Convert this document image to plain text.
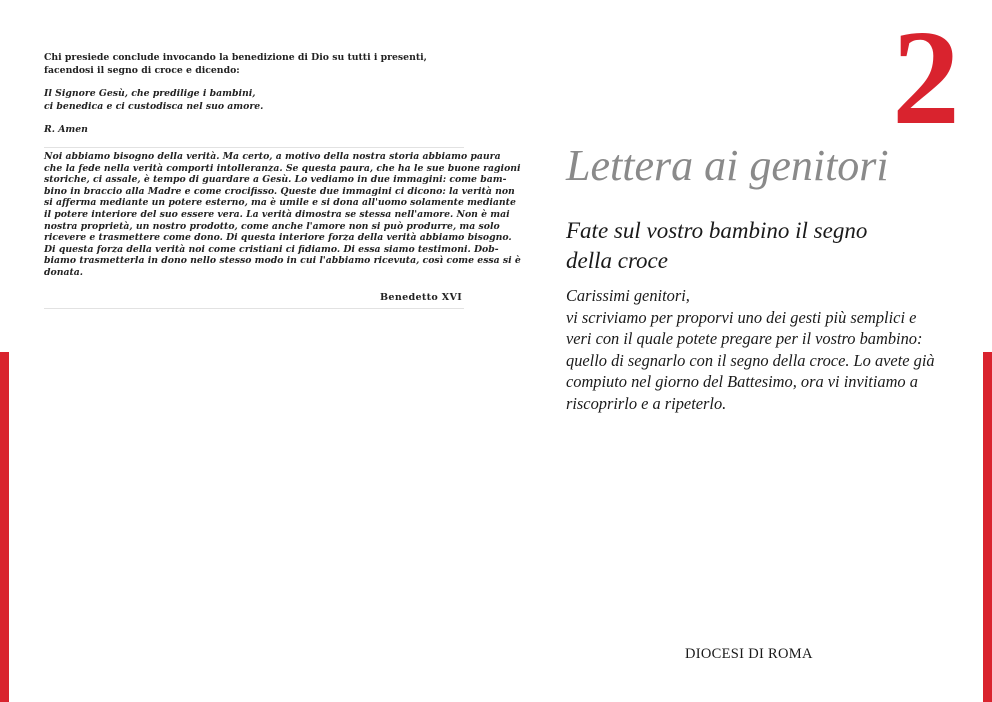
Chi presiede conclude invocando la benedizione di Dio su tutti i presenti, facendosi il segno di croce e dicendo:
Il Signore Gesù, che predilige i bambini,
ci benedica e ci custodisca nel suo amore.
R. Amen
Noi abbiamo bisogno della verità. Ma certo, a motivo della nostra storia abbiamo paura
che la fede nella verità comporti intolleranza. Se questa paura, che ha le sue buone ragioni
storiche, ci assale, è tempo di guardare a Gesù. Lo vediamo in due immagini: come bam-
bino in braccio alla Madre e come crocifisso. Queste due immagini ci dicono: la verità non
si afferma mediante un potere esterno, ma è umile e si dona all'uomo solamente mediante
il potere interiore del suo essere vera. La verità dimostra se stessa nell'amore. Non è mai
nostra proprietà, un nostro prodotto, come anche l'amore non si può produrre, ma solo
ricevere e trasmettere come dono. Di questa interiore forza della verità abbiamo bisogno.
Di questa forza della verità noi come cristiani ci fidiamo. Di essa siamo testimoni. Dob-
biamo trasmetterla in dono nello stesso modo in cui l'abbiamo ricevuta, così come essa si è
donata.
Benedetto XVI
2
Lettera ai genitori
Fate sul vostro bambino il segno della croce
Carissimi genitori,
vi scriviamo per proporvi uno dei gesti più semplici e
veri con il quale potete pregare per il vostro bambino:
quello di segnarlo con il segno della croce. Lo avete già
compiuto nel giorno del Battesimo, ora vi invitiamo a
riscoprirlo e a ripeterlo.
DIOCESI DI ROMA
